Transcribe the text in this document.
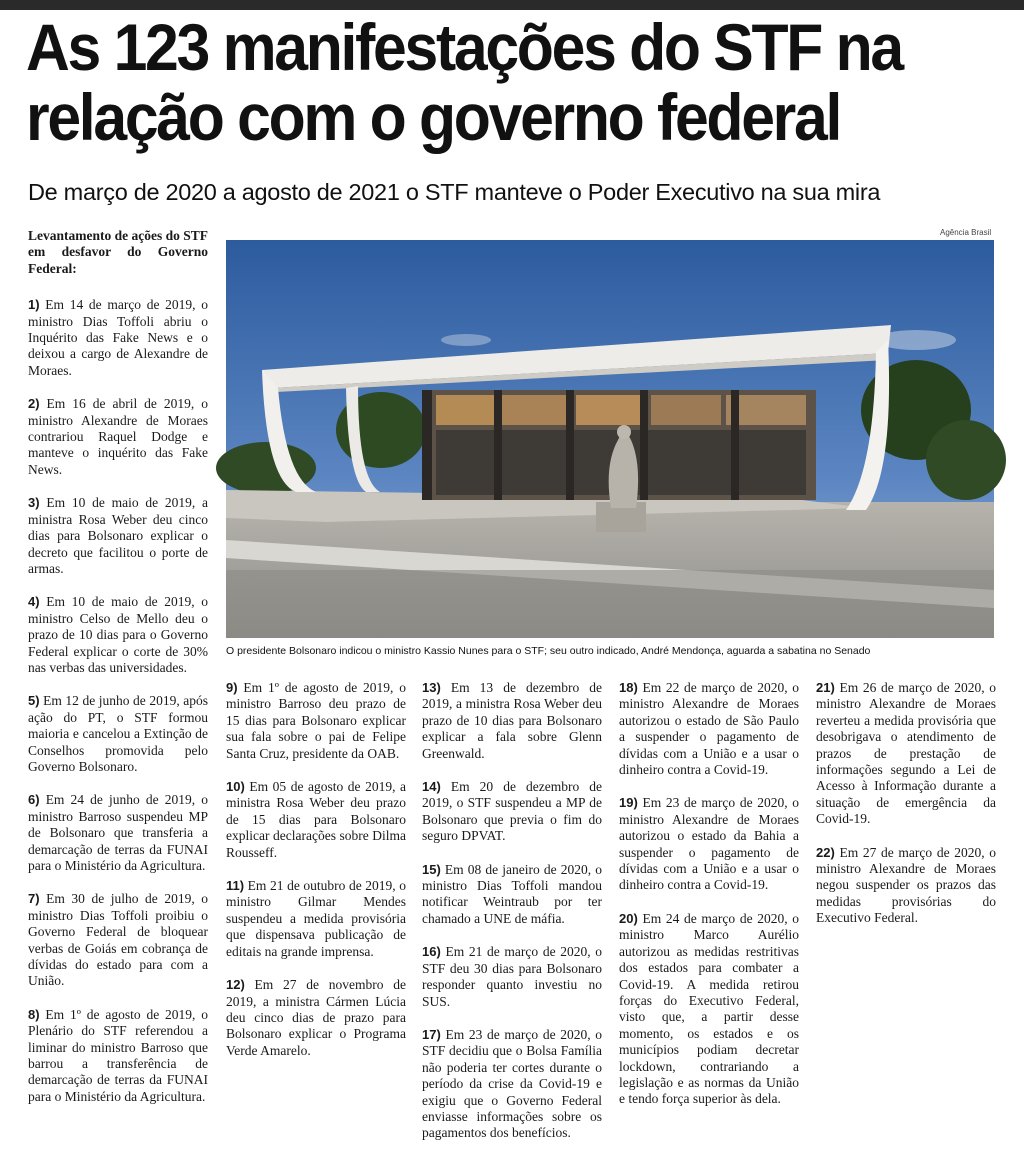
As 123 manifestações do STF na relação com o governo federal
De março de 2020 a agosto de 2021 o STF manteve o Poder Executivo na sua mira
Agência Brasil
O presidente Bolsonaro indicou o ministro Kassio Nunes para o STF; seu outro indicado, André Mendonça, aguarda a sabatina no Senado

Levantamento de ações do STF em desfavor do Governo Federal:

1) Em 14 de março de 2019, o ministro Dias Toffoli abriu o Inquérito das Fake News e o deixou a cargo de Alexandre de Moraes.

2) Em 16 de abril de 2019, o ministro Alexandre de Moraes contrariou Raquel Dodge e manteve o inquérito das Fake News.

3) Em 10 de maio de 2019, a ministra Rosa Weber deu cinco dias para Bolsonaro explicar o decreto que facilitou o porte de armas.

4) Em 10 de maio de 2019, o ministro Celso de Mello deu o prazo de 10 dias para o Governo Federal explicar o corte de 30% nas verbas das universidades.

5) Em 12 de junho de 2019, após ação do PT, o STF formou maioria e cancelou a Extinção de Conselhos promovida pelo Governo Bolsonaro.

6) Em 24 de junho de 2019, o ministro Barroso suspendeu MP de Bolsonaro que transferia a demarcação de terras da FUNAI para o Ministério da Agricultura.

7) Em 30 de julho de 2019, o ministro Dias Toffoli proibiu o Governo Federal de bloquear verbas de Goiás em cobrança de dívidas do estado para com a União.

8) Em 1º de agosto de 2019, o Plenário do STF referendou a liminar do ministro Barroso que barrou a transferência de demarcação de terras da FUNAI para o Ministério da Agricultura.

9) Em 1º de agosto de 2019, o ministro Barroso deu prazo de 15 dias para Bolsonaro explicar sua fala sobre o pai de Felipe Santa Cruz, presidente da OAB.

10) Em 05 de agosto de 2019, a ministra Rosa Weber deu prazo de 15 dias para Bolsonaro explicar declarações sobre Dilma Rousseff.

11) Em 21 de outubro de 2019, o ministro Gilmar Mendes suspendeu a medida provisória que dispensava publicação de editais na grande imprensa.

12) Em 27 de novembro de 2019, a ministra Cármen Lúcia deu cinco dias de prazo para Bolsonaro explicar o Programa Verde Amarelo.

13) Em 13 de dezembro de 2019, a ministra Rosa Weber deu prazo de 10 dias para Bolsonaro explicar a fala sobre Glenn Greenwald.

14) Em 20 de dezembro de 2019, o STF suspendeu a MP de Bolsonaro que previa o fim do seguro DPVAT.

15) Em 08 de janeiro de 2020, o ministro Dias Toffoli mandou notificar Weintraub por ter chamado a UNE de máfia.

16) Em 21 de março de 2020, o STF deu 30 dias para Bolsonaro responder quanto investiu no SUS.

17) Em 23 de março de 2020, o STF decidiu que o Bolsa Família não poderia ter cortes durante o período da crise da Covid-19 e exigiu que o Governo Federal enviasse informações sobre os pagamentos dos benefícios.

18) Em 22 de março de 2020, o ministro Alexandre de Moraes autorizou o estado de São Paulo a suspender o pagamento de dívidas com a União e a usar o dinheiro contra a Covid-19.

19) Em 23 de março de 2020, o ministro Alexandre de Moraes autorizou o estado da Bahia a suspender o pagamento de dívidas com a União e a usar o dinheiro contra a Covid-19.

20) Em 24 de março de 2020, o ministro Marco Aurélio autorizou as medidas restritivas dos estados para combater a Covid-19. A medida retirou forças do Executivo Federal, visto que, a partir desse momento, os estados e os municípios podiam decretar lockdown, contrariando a legislação e as normas da União e tendo força superior às dela.

21) Em 26 de março de 2020, o ministro Alexandre de Moraes reverteu a medida provisória que desobrigava o atendimento de prazos de prestação de informações segundo a Lei de Acesso à Informação durante a situação de emergência da Covid-19.

22) Em 27 de março de 2020, o ministro Alexandre de Moraes negou suspender os prazos das medidas provisórias do Executivo Federal.
